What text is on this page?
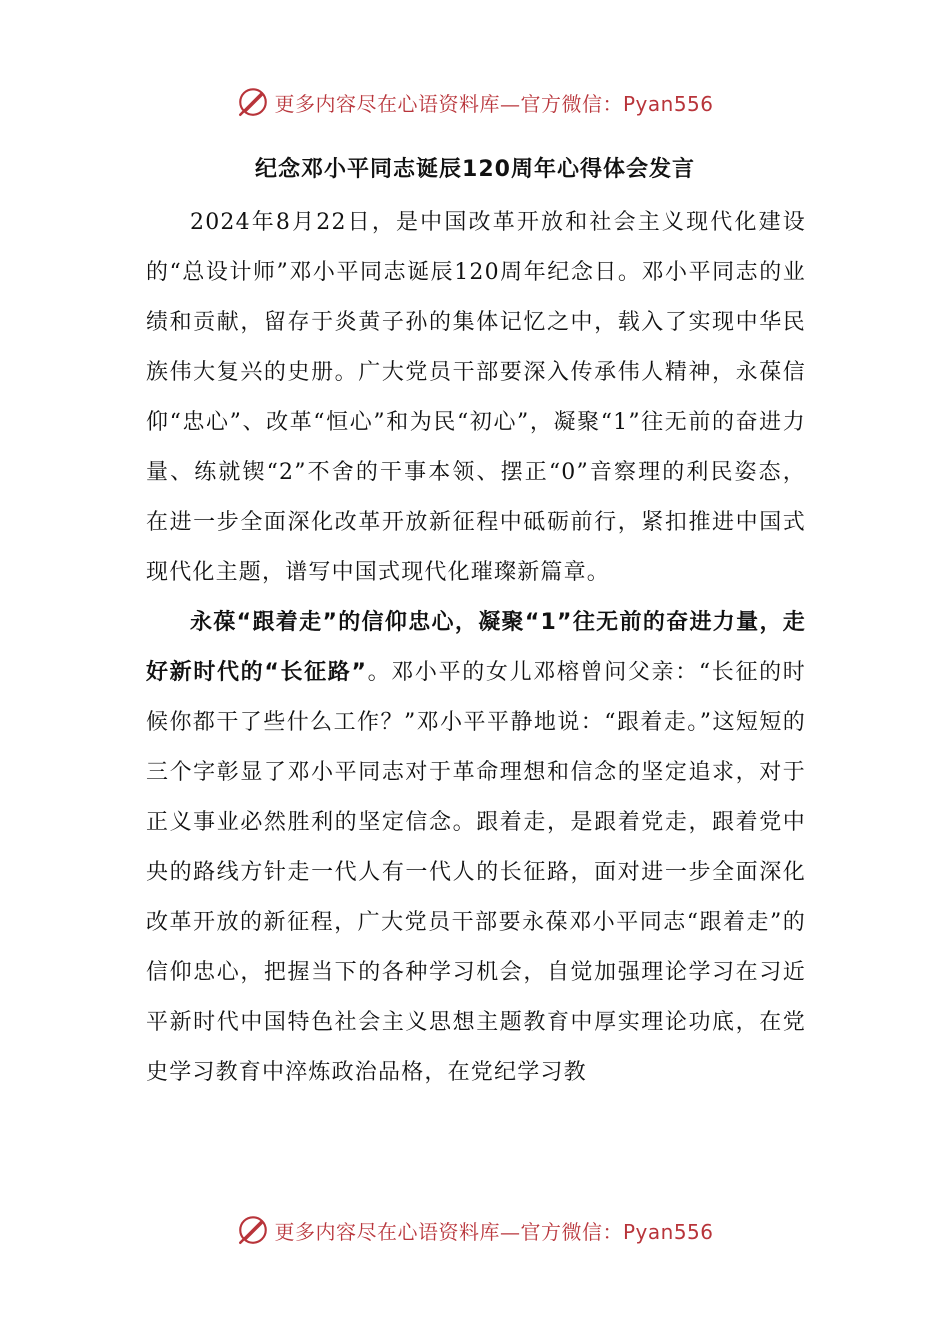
更多内容尽在心语资料库—官方微信：Pyan556
纪念邓小平同志诞辰120周年心得体会发言

2024年8月22日，是中国改革开放和社会主义现代化建设的“总设计师”邓小平同志诞辰120周年纪念日。邓小平同志的业绩和贡献，留存于炎黄子孙的集体记忆之中，载入了实现中华民族伟大复兴的史册。广大党员干部要深入传承伟人精神，永葆信仰“忠心”、改革“恒心”和为民“初心”，凝聚“1”往无前的奋进力量、练就锲“2”不舍的干事本领、摆正“0”音察理的利民姿态，在进一步全面深化改革开放新征程中砥砺前行，紧扣推进中国式现代化主题，谱写中国式现代化璀璨新篇章。

永葆“跟着走”的信仰忠心，凝聚“1”往无前的奋进力量，走好新时代的“长征路”。邓小平的女儿邓榕曾问父亲：“长征的时候你都干了些什么工作？”邓小平平静地说：“跟着走。”这短短的三个字彰显了邓小平同志对于革命理想和信念的坚定追求，对于正义事业必然胜利的坚定信念。跟着走，是跟着党走，跟着党中央的路线方针走一代人有一代人的长征路，面对进一步全面深化改革开放的新征程，广大党员干部要永葆邓小平同志“跟着走”的信仰忠心，把握当下的各种学习机会，自觉加强理论学习在习近平新时代中国特色社会主义思想主题教育中厚实理论功底，在党史学习教育中淬炼政治品格，在党纪学习教

更多内容尽在心语资料库—官方微信：Pyan556
